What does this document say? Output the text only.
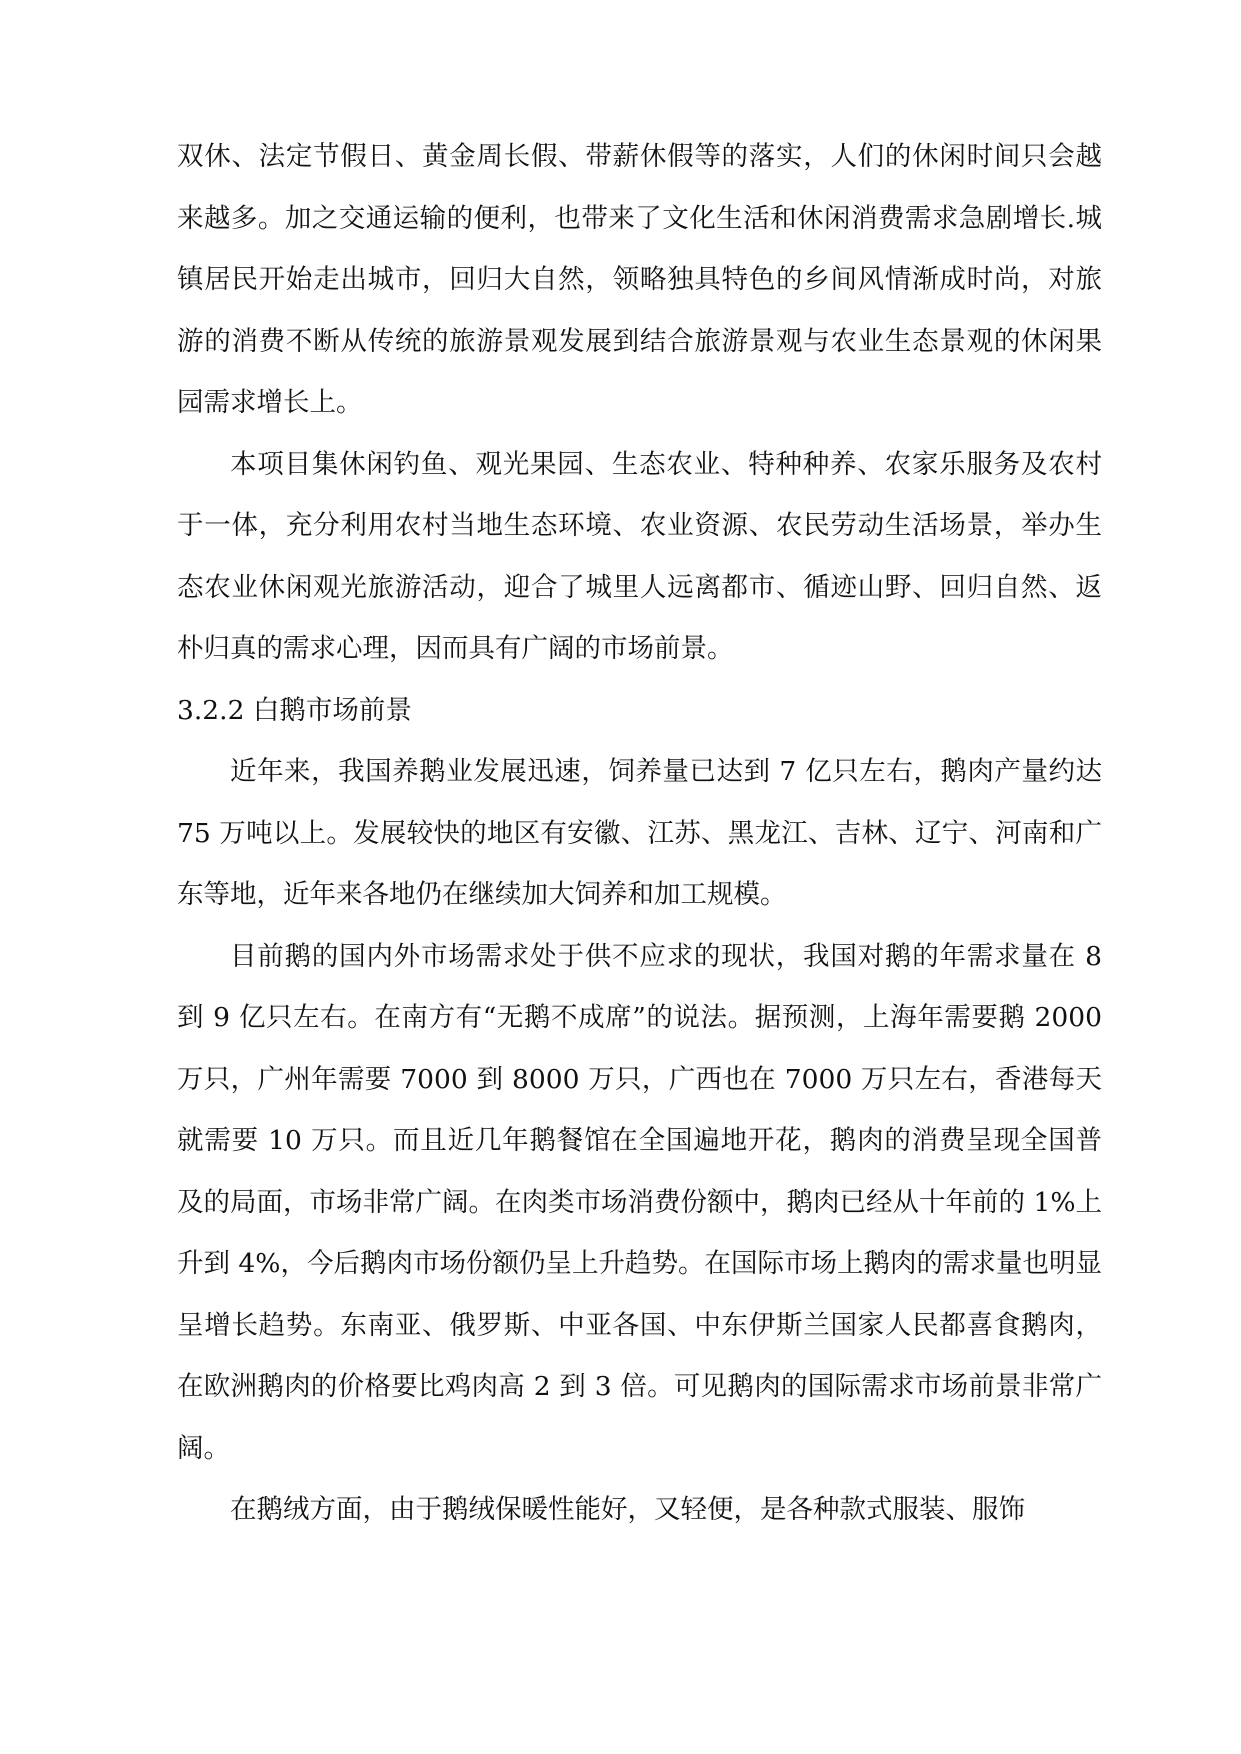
双休、法定节假日、黄金周长假、带薪休假等的落实，人们的休闲时间只会越来越多。加之交通运输的便利，也带来了文化生活和休闲消费需求急剧增长.城镇居民开始走出城市，回归大自然，领略独具特色的乡间风情渐成时尚，对旅游的消费不断从传统的旅游景观发展到结合旅游景观与农业生态景观的休闲果园需求增长上。

本项目集休闲钓鱼、观光果园、生态农业、特种种养、农家乐服务及农村于一体，充分利用农村当地生态环境、农业资源、农民劳动生活场景，举办生态农业休闲观光旅游活动，迎合了城里人远离都市、循迹山野、回归自然、返朴归真的需求心理，因而具有广阔的市场前景。

3.2.2 白鹅市场前景

近年来，我国养鹅业发展迅速，饲养量已达到 7 亿只左右，鹅肉产量约达 75 万吨以上。发展较快的地区有安徽、江苏、黑龙江、吉林、辽宁、河南和广东等地，近年来各地仍在继续加大饲养和加工规模。

目前鹅的国内外市场需求处于供不应求的现状，我国对鹅的年需求量在 8 到 9 亿只左右。在南方有“无鹅不成席”的说法。据预测，上海年需要鹅 2000 万只，广州年需要 7000 到 8000 万只，广西也在 7000 万只左右，香港每天就需要 10 万只。而且近几年鹅餐馆在全国遍地开花，鹅肉的消费呈现全国普及的局面，市场非常广阔。在肉类市场消费份额中，鹅肉已经从十年前的 1%上升到 4%，今后鹅肉市场份额仍呈上升趋势。在国际市场上鹅肉的需求量也明显呈增长趋势。东南亚、俄罗斯、中亚各国、中东伊斯兰国家人民都喜食鹅肉，在欧洲鹅肉的价格要比鸡肉高 2 到 3 倍。可见鹅肉的国际需求市场前景非常广阔。

在鹅绒方面，由于鹅绒保暖性能好，又轻便，是各种款式服装、服饰
